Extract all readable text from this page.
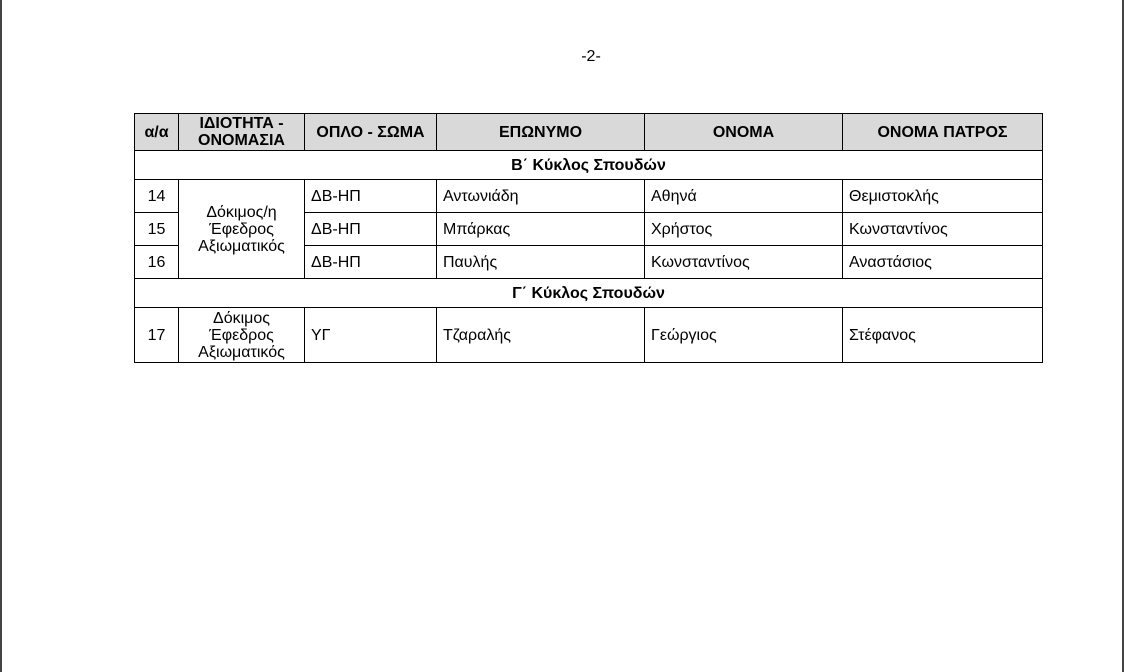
-2-
α/α	ΙΔΙΟΤΗΤΑ - ΟΝΟΜΑΣΙΑ	ΟΠΛΟ - ΣΩΜΑ	ΕΠΩΝΥΜΟ	ΟΝΟΜΑ	ΟΝΟΜΑ ΠΑΤΡΟΣ
Β΄ Κύκλος Σπουδών					
14	Δόκιμος/η Έφεδρος Αξιωματικός	ΔΒ-ΗΠ	Αντωνιάδη	Αθηνά	Θεμιστοκλής
15		ΔΒ-ΗΠ	Μπάρκας	Χρήστος	Κωνσταντίνος
16		ΔΒ-ΗΠ	Παυλής	Κωνσταντίνος	Αναστάσιος
Γ΄ Κύκλος Σπουδών					
17	Δόκιμος Έφεδρος Αξιωματικός	ΥΓ	Τζαραλής	Γεώργιος	Στέφανος
